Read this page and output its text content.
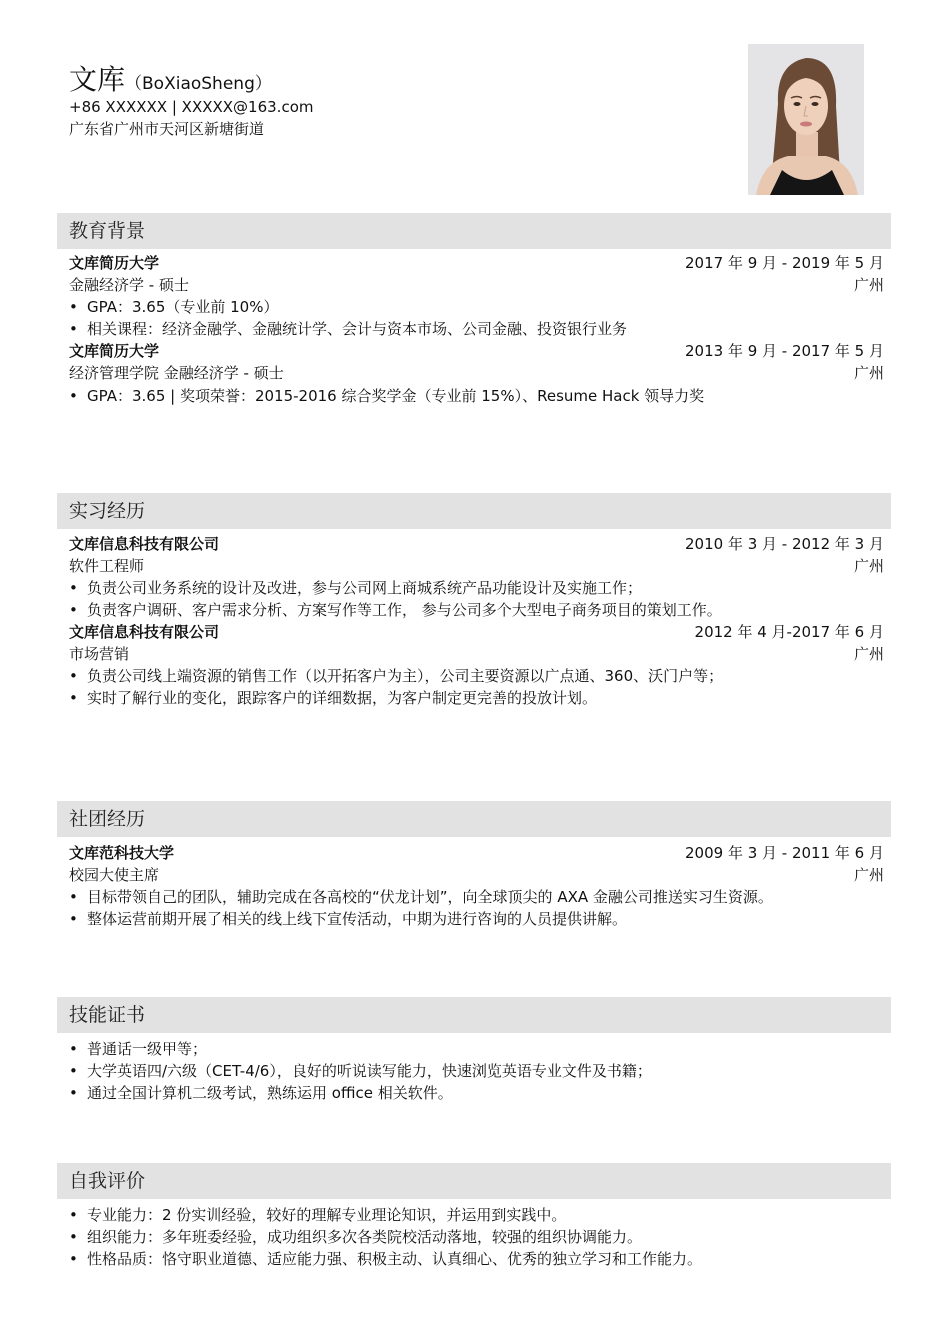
文库（BoXiaoSheng）
+86 XXXXXX | XXXXX@163.com
广东省广州市天河区新塘街道
教育背景
文库简历大学	2017 年 9 月 - 2019 年 5 月
金融经济学 - 硕士	广州
• GPA：3.65（专业前 10%）
• 相关课程：经济金融学、金融统计学、会计与资本市场、公司金融、投资银行业务
文库简历大学	2013 年 9 月 - 2017 年 5 月
经济管理学院 金融经济学 - 硕士	广州
• GPA：3.65 | 奖项荣誉：2015-2016 综合奖学金（专业前 15%）、Resume Hack 领导力奖
实习经历
文库信息科技有限公司	2010 年 3 月 - 2012 年 3 月
软件工程师	广州
• 负责公司业务系统的设计及改进，参与公司网上商城系统产品功能设计及实施工作；
• 负责客户调研、客户需求分析、方案写作等工作， 参与公司多个大型电子商务项目的策划工作。
文库信息科技有限公司	2012 年 4 月-2017 年 6 月
市场营销	广州
• 负责公司线上端资源的销售工作（以开拓客户为主），公司主要资源以广点通、360、沃门户等；
• 实时了解行业的变化，跟踪客户的详细数据，为客户制定更完善的投放计划。
社团经历
文库范科技大学	2009 年 3 月 - 2011 年 6 月
校园大使主席	广州
• 目标带领自己的团队，辅助完成在各高校的“伏龙计划”，向全球顶尖的 AXA 金融公司推送实习生资源。
• 整体运营前期开展了相关的线上线下宣传活动，中期为进行咨询的人员提供讲解。
技能证书
• 普通话一级甲等；
• 大学英语四/六级（CET-4/6），良好的听说读写能力，快速浏览英语专业文件及书籍；
• 通过全国计算机二级考试，熟练运用 office 相关软件。
自我评价
• 专业能力：2 份实训经验，较好的理解专业理论知识，并运用到实践中。
• 组织能力：多年班委经验，成功组织多次各类院校活动落地，较强的组织协调能力。
• 性格品质：恪守职业道德、适应能力强、积极主动、认真细心、优秀的独立学习和工作能力。
